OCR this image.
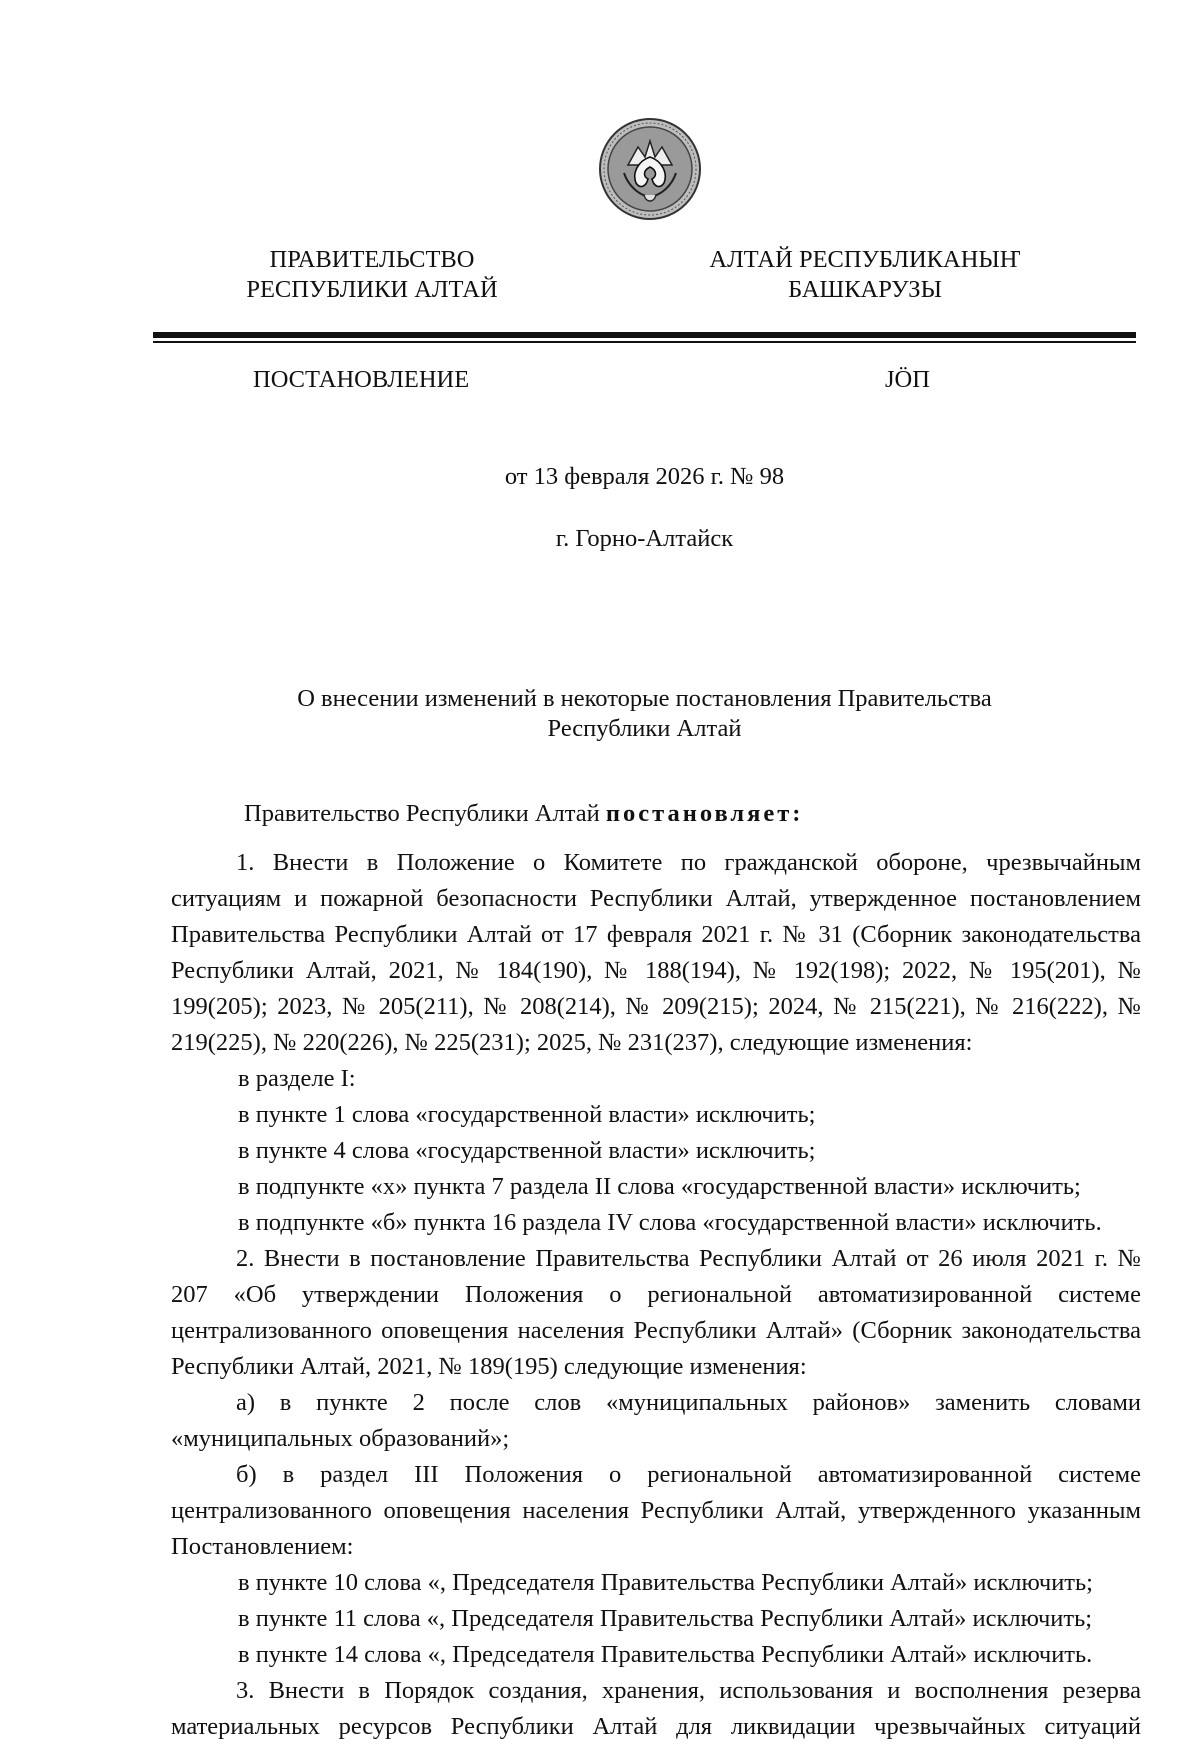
ПРАВИТЕЛЬСТВО
РЕСПУБЛИКИ АЛТАЙ
АЛТАЙ РЕСПУБЛИКАНЫҤ
БАШКАРУЗЫ
ПОСТАНОВЛЕНИЕ	JÖП
от 13 февраля 2026 г. № 98
г. Горно-Алтайск
О внесении изменений в некоторые постановления Правительства
Республики Алтай

Правительство Республики Алтай постановляет:

1. Внести в Положение о Комитете по гражданской обороне, чрезвычайным ситуациям и пожарной безопасности Республики Алтай, утвержденное постановлением Правительства Республики Алтай от 17 февраля 2021 г. № 31 (Сборник законодательства Республики Алтай, 2021, № 184(190), № 188(194), № 192(198); 2022, № 195(201), № 199(205); 2023, № 205(211), № 208(214), № 209(215); 2024, № 215(221), № 216(222), № 219(225), № 220(226), № 225(231); 2025, № 231(237), следующие изменения:

в разделе I:

в пункте 1 слова «государственной власти» исключить;

в пункте 4 слова «государственной власти» исключить;

в подпункте «х» пункта 7 раздела II слова «государственной власти» исключить;

в подпункте «б» пункта 16 раздела IV слова «государственной власти» исключить.

2. Внести в постановление Правительства Республики Алтай от 26 июля 2021 г. № 207 «Об утверждении Положения о региональной автоматизированной системе централизованного оповещения населения Республики Алтай» (Сборник законодательства Республики Алтай, 2021, № 189(195) следующие изменения:

а) в пункте 2 после слов «муниципальных районов» заменить словами «муниципальных образований»;

б) в раздел III Положения о региональной автоматизированной системе централизованного оповещения населения Республики Алтай, утвержденного указанным Постановлением:

в пункте 10 слова «, Председателя Правительства Республики Алтай» исключить;

в пункте 11 слова «, Председателя Правительства Республики Алтай» исключить;

в пункте 14 слова «, Председателя Правительства Республики Алтай» исключить.

3. Внести в Порядок создания, хранения, использования и восполнения резерва материальных ресурсов Республики Алтай для ликвидации чрезвычайных ситуаций
